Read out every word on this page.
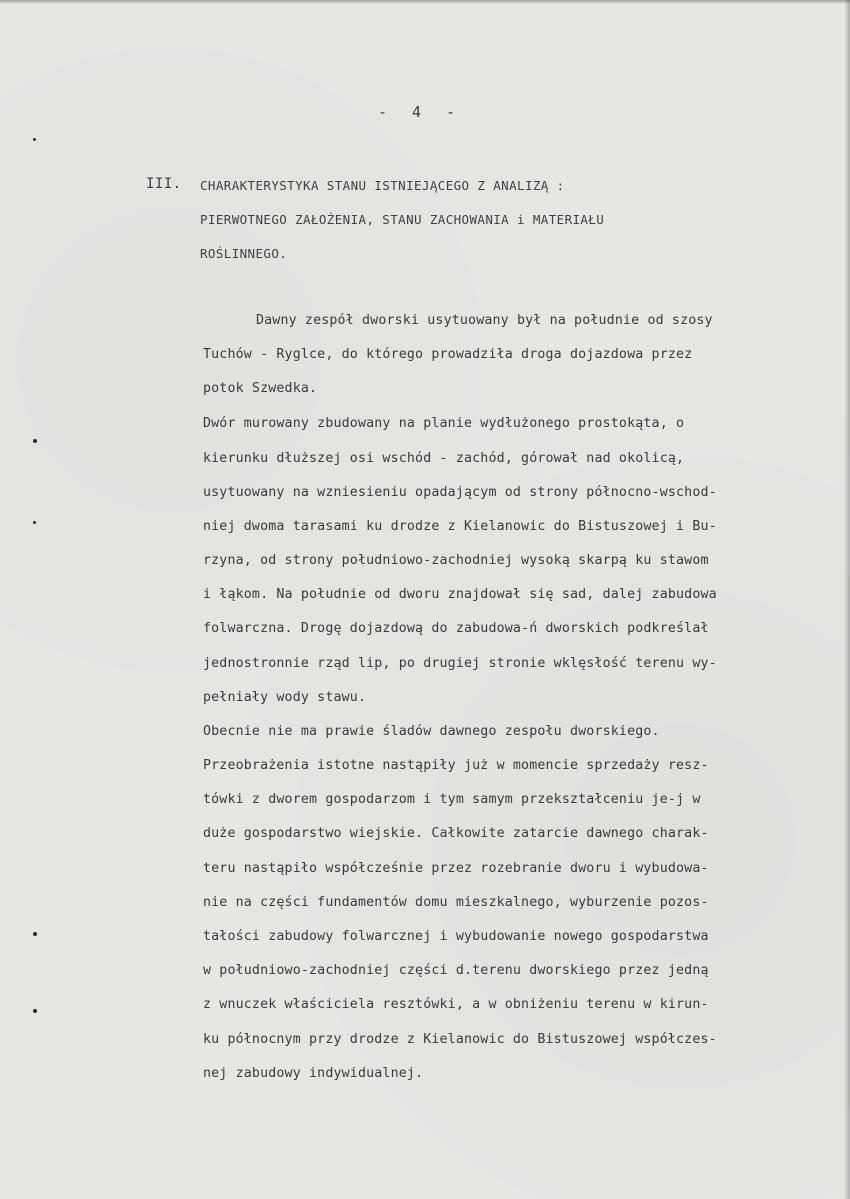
- 4 -
III. CHARAKTERYSTYKA STANU ISTNIEJĄCEGO Z ANALIZĄ :
PIERWOTNEGO ZAŁOŻENIA, STANU ZACHOWANIA i MATERIAŁU
ROŚLINNEGO.
Dawny zespół dworski usytuowany był na południe od szosy
Tuchów - Ryglce, do którego prowadziła droga dojazdowa przez
potok Szwedka.
Dwór murowany zbudowany na planie wydłużonego prostokąta, o
kierunku dłuższej osi wschód - zachód, górował nad okolicą,
usytuowany na wzniesieniu opadającym od strony północno-wschod-
niej dwoma tarasami ku drodze z Kielanowic do Bistuszowej i Bu-
rzyna, od strony południowo-zachodniej wysoką skarpą ku stawom
i łąkom. Na południe od dworu znajdował się sad, dalej zabudowa
folwarczna. Drogę dojazdową do zabudowa-ń dworskich podkreślał
jednostronnie rząd lip, po drugiej stronie wklęsłość terenu wy-
pełniały wody stawu.
Obecnie nie ma prawie śladów dawnego zespołu dworskiego.
Przeobrażenia istotne nastąpiły już w momencie sprzedaży resz-
tówki z dworem gospodarzom i tym samym przekształceniu je-j w
duże gospodarstwo wiejskie. Całkowite zatarcie dawnego charak-
teru nastąpiło współcześnie przez rozebranie dworu i wybudowa-
nie na części fundamentów domu mieszkalnego, wyburzenie pozos-
tałości zabudowy folwarcznej i wybudowanie nowego gospodarstwa
w południowo-zachodniej części d.terenu dworskiego przez jedną
z wnuczek właściciela resztówki, a w obniżeniu terenu w kirun-
ku północnym przy drodze z Kielanowic do Bistuszowej współczes-
nej zabudowy indywidualnej.
